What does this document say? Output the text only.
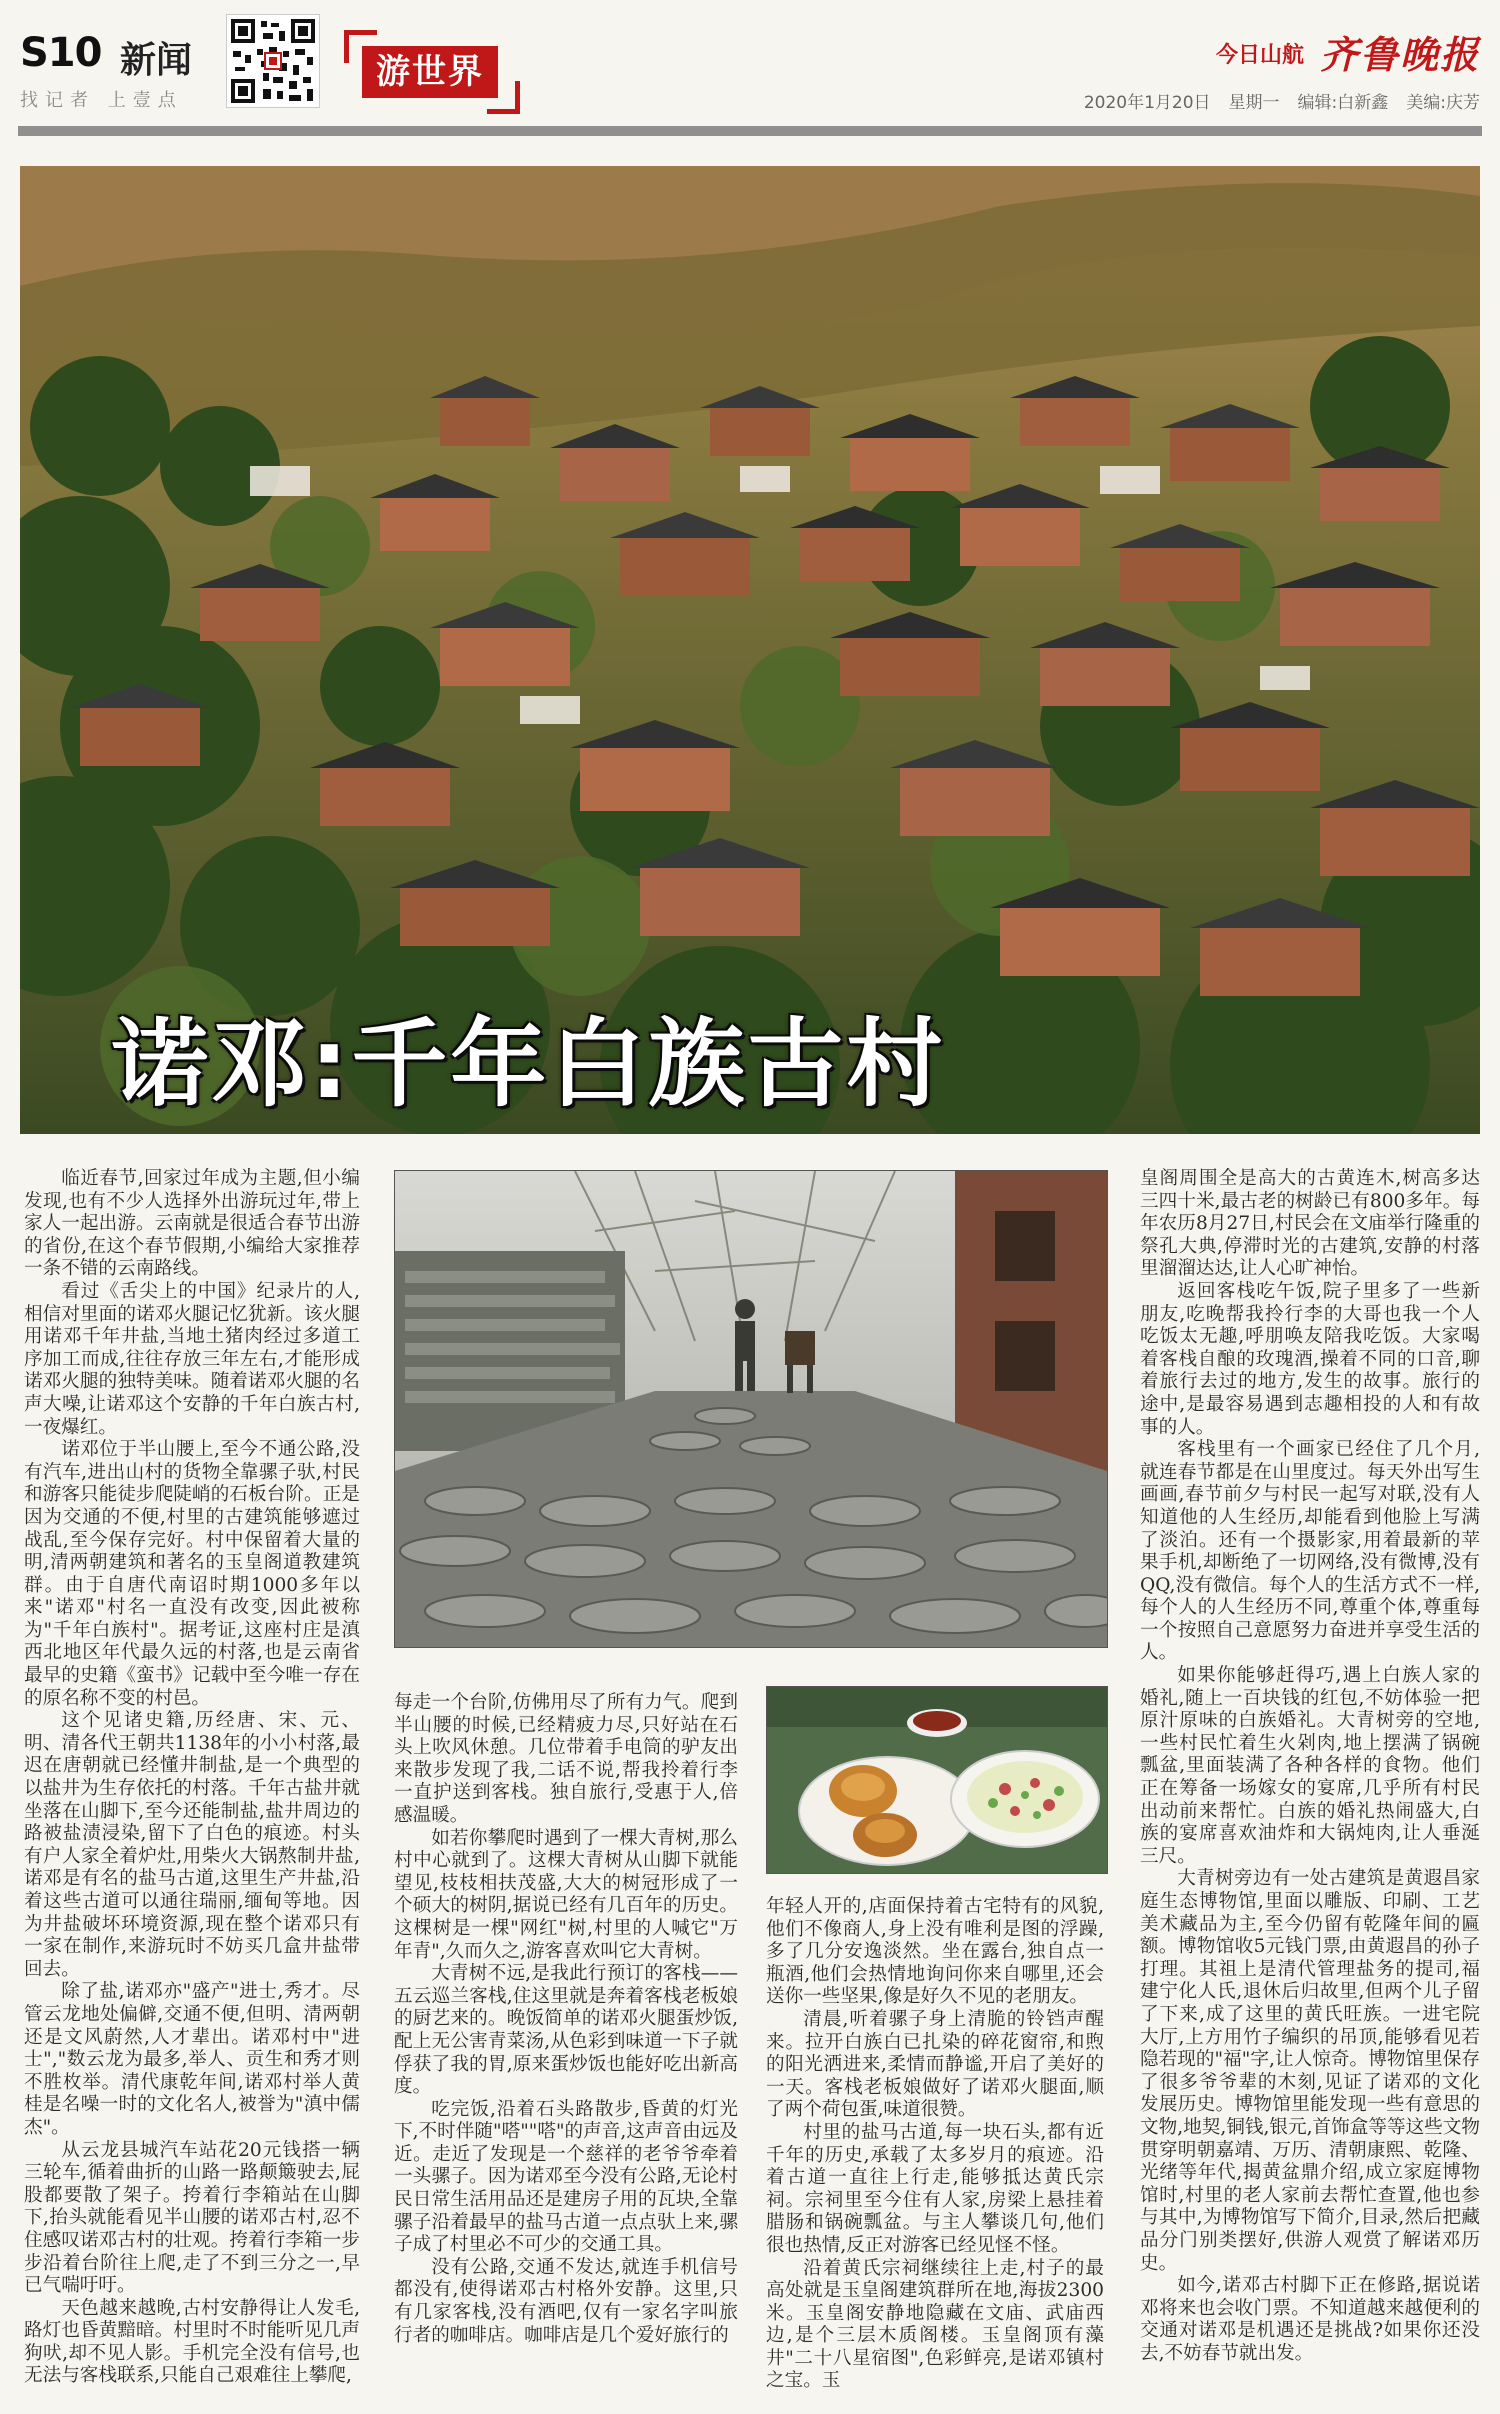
S10 新闻
找记者 上壹点
游世界	今日山航 齐鲁晚报
2020年1月20日 星期一 编辑:白新鑫 美编:庆芳
诺邓:千年白族古村

临近春节,回家过年成为主题,但小编发现,也有不少人选择外出游玩过年,带上家人一起出游。云南就是很适合春节出游的省份,在这个春节假期,小编给大家推荐一条不错的云南路线。

看过《舌尖上的中国》纪录片的人,相信对里面的诺邓火腿记忆犹新。该火腿用诺邓千年井盐,当地土猪肉经过多道工序加工而成,往往存放三年左右,才能形成诺邓火腿的独特美味。随着诺邓火腿的名声大噪,让诺邓这个安静的千年白族古村,一夜爆红。

诺邓位于半山腰上,至今不通公路,没有汽车,进出山村的货物全靠骡子驮,村民和游客只能徒步爬陡峭的石板台阶。正是因为交通的不便,村里的古建筑能够遮过战乱,至今保存完好。村中保留着大量的明,清两朝建筑和著名的玉皇阁道教建筑群。由于自唐代南诏时期1000多年以来"诺邓"村名一直没有改变,因此被称为"千年白族村"。据考证,这座村庄是滇西北地区年代最久远的村落,也是云南省最早的史籍《蛮书》记载中至今唯一存在的原名称不变的村邑。

这个见诸史籍,历经唐、宋、元、明、清各代王朝共1138年的小小村落,最迟在唐朝就已经懂井制盐,是一个典型的以盐井为生存依托的村落。千年古盐井就坐落在山脚下,至今还能制盐,盐井周边的路被盐渍浸染,留下了白色的痕迹。村头有户人家全着炉灶,用柴火大锅熬制井盐,诺邓是有名的盐马古道,这里生产井盐,沿着这些古道可以通往瑞丽,缅甸等地。因为井盐破坏环境资源,现在整个诺邓只有一家在制作,来游玩时不妨买几盒井盐带回去。

除了盐,诺邓亦"盛产"进士,秀才。尽管云龙地处偏僻,交通不便,但明、清两朝还是文风蔚然,人才辈出。诺邓村中"进士","数云龙为最多,举人、贡生和秀才则不胜枚举。清代康乾年间,诺邓村举人黄桂是名噪一时的文化名人,被誉为"滇中儒杰"。

从云龙县城汽车站花20元钱搭一辆三轮车,循着曲折的山路一路颠簸驶去,屁股都要散了架子。挎着行李箱站在山脚下,抬头就能看见半山腰的诺邓古村,忍不住感叹诺邓古村的壮观。挎着行李箱一步步沿着台阶往上爬,走了不到三分之一,早已气喘吁吁。

天色越来越晚,古村安静得让人发毛,路灯也昏黄黯暗。村里时不时能听见几声狗吠,却不见人影。手机完全没有信号,也无法与客栈联系,只能自己艰难往上攀爬,

每走一个台阶,仿佛用尽了所有力气。爬到半山腰的时候,已经精疲力尽,只好站在石头上吹风休憩。几位带着手电筒的驴友出来散步发现了我,二话不说,帮我拎着行李一直护送到客栈。独自旅行,受惠于人,倍感温暖。

如若你攀爬时遇到了一棵大青树,那么村中心就到了。这棵大青树从山脚下就能望见,枝枝相扶茂盛,大大的树冠形成了一个硕大的树阴,据说已经有几百年的历史。这棵树是一棵"网红"树,村里的人喊它"万年青",久而久之,游客喜欢叫它大青树。

大青树不远,是我此行预订的客栈——五云巡兰客栈,住这里就是奔着客栈老板娘的厨艺来的。晚饭简单的诺邓火腿蛋炒饭,配上无公害青菜汤,从色彩到味道一下子就俘获了我的胃,原来蛋炒饭也能好吃出新高度。

吃完饭,沿着石头路散步,昏黄的灯光下,不时伴随"嗒""嗒"的声音,这声音由远及近。走近了发现是一个慈祥的老爷爷牵着一头骡子。因为诺邓至今没有公路,无论村民日常生活用品还是建房子用的瓦块,全靠骡子沿着最早的盐马古道一点点驮上来,骡子成了村里必不可少的交通工具。

没有公路,交通不发达,就连手机信号都没有,使得诺邓古村格外安静。这里,只有几家客栈,没有酒吧,仅有一家名字叫旅行者的咖啡店。咖啡店是几个爱好旅行的

年轻人开的,店面保持着古宅特有的风貌,他们不像商人,身上没有唯利是图的浮躁,多了几分安逸淡然。坐在露台,独自点一瓶酒,他们会热情地询问你来自哪里,还会送你一些坚果,像是好久不见的老朋友。

清晨,听着骡子身上清脆的铃铛声醒来。拉开白族白已扎染的碎花窗帘,和煦的阳光洒进来,柔情而静谧,开启了美好的一天。客栈老板娘做好了诺邓火腿面,顺了两个荷包蛋,味道很赞。

村里的盐马古道,每一块石头,都有近千年的历史,承载了太多岁月的痕迹。沿着古道一直往上行走,能够抵达黄氏宗祠。宗祠里至今住有人家,房梁上悬挂着腊肠和锅碗瓢盆。与主人攀谈几句,他们很也热情,反正对游客已经见怪不怪。

沿着黄氏宗祠继续往上走,村子的最高处就是玉皇阁建筑群所在地,海拔2300米。玉皇阁安静地隐藏在文庙、武庙西边,是个三层木质阁楼。玉皇阁顶有藻井"二十八星宿图",色彩鲜亮,是诺邓镇村之宝。玉

皇阁周围全是高大的古黄连木,树高多达三四十米,最古老的树龄已有800多年。每年农历8月27日,村民会在文庙举行隆重的祭孔大典,停滞时光的古建筑,安静的村落里溜溜达达,让人心旷神怡。

返回客栈吃午饭,院子里多了一些新朋友,吃晚帮我拎行李的大哥也我一个人吃饭太无趣,呼朋唤友陪我吃饭。大家喝着客栈自酿的玫瑰酒,操着不同的口音,聊着旅行去过的地方,发生的故事。旅行的途中,是最容易遇到志趣相投的人和有故事的人。

客栈里有一个画家已经住了几个月,就连春节都是在山里度过。每天外出写生画画,春节前夕与村民一起写对联,没有人知道他的人生经历,却能看到他脸上写满了淡泊。还有一个摄影家,用着最新的苹果手机,却断绝了一切网络,没有微博,没有QQ,没有微信。每个人的生活方式不一样,每个人的人生经历不同,尊重个体,尊重每一个按照自己意愿努力奋进并享受生活的人。

如果你能够赶得巧,遇上白族人家的婚礼,随上一百块钱的红包,不妨体验一把原汁原味的白族婚礼。大青树旁的空地,一些村民忙着生火剁肉,地上摆满了锅碗瓢盆,里面装满了各种各样的食物。他们正在筹备一场嫁女的宴席,几乎所有村民出动前来帮忙。白族的婚礼热闹盛大,白族的宴席喜欢油炸和大锅炖肉,让人垂涎三尺。

大青树旁边有一处古建筑是黄遐昌家庭生态博物馆,里面以雕版、印刷、工艺美术藏品为主,至今仍留有乾隆年间的匾额。博物馆收5元钱门票,由黄遐昌的孙子打理。其祖上是清代管理盐务的提司,福建宁化人氏,退休后归故里,但两个儿子留了下来,成了这里的黄氏旺族。一进宅院大厅,上方用竹子编织的吊顶,能够看见若隐若现的"福"字,让人惊奇。博物馆里保存了很多爷爷辈的木刻,见证了诺邓的文化发展历史。博物馆里能发现一些有意思的文物,地契,铜钱,银元,首饰盒等等这些文物贯穿明朝嘉靖、万历、清朝康熙、乾隆、光绪等年代,揭黄盆鼎介绍,成立家庭博物馆时,村里的老人家前去帮忙查置,他也参与其中,为博物馆写下简介,目录,然后把藏品分门别类摆好,供游人观赏了解诺邓历史。

如今,诺邓古村脚下正在修路,据说诺邓将来也会收门票。不知道越来越便利的交通对诺邓是机遇还是挑战?如果你还没去,不妨春节就出发。
